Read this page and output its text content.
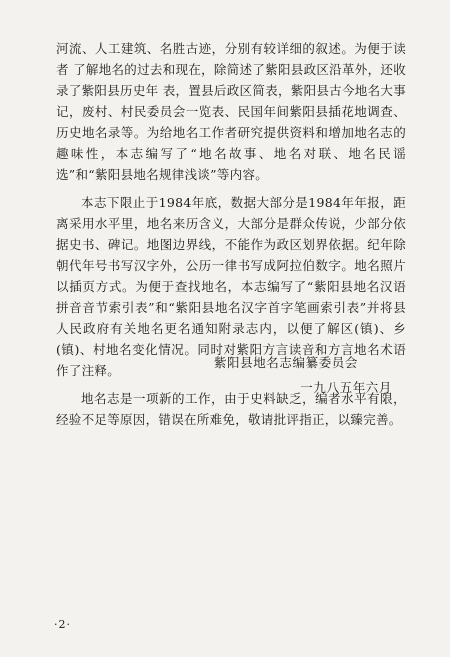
河流、人工建筑、名胜古迹，分别有较详细的叙述。为便于读者 了解地名的过去和现在，除简述了紫阳县政区沿革外，还收录了紫阳县历史年 表，置县后政区简表，紫阳县古今地名大事记，废村、村民委员会一览表、民国年间紫阳县插花地调查、历史地名录等。为给地名工作者研究提供资料和增加地名志的趣味性，本志编写了“地名故事、地名对联、地名民谣选”和“紫阳县地名规律浅谈”等内容。

本志下限止于1984年底，数据大部分是1984年年报，距离采用水平里，地名来历含义，大部分是群众传说，少部分依据史书、碑记。地图边界线，不能作为政区划界依据。纪年除朝代年号书写汉字外，公历一律书写成阿拉伯数字。地名照片以插页方式。为便于查找地名，本志编写了“紫阳县地名汉语拼音音节索引表”和“紫阳县地名汉字首字笔画索引表”并将县人民政府有关地名更名通知附录志内，以便了解区(镇)、乡(镇)、村地名变化情况。同时对紫阳方言读音和方言地名术语作了注释。

地名志是一项新的工作，由于史料缺乏，编者水平有限，经验不足等原因，错误在所难免，敬请批评指正，以臻完善。

紫阳县地名志编纂委员会
一九八五年六月
·2·
